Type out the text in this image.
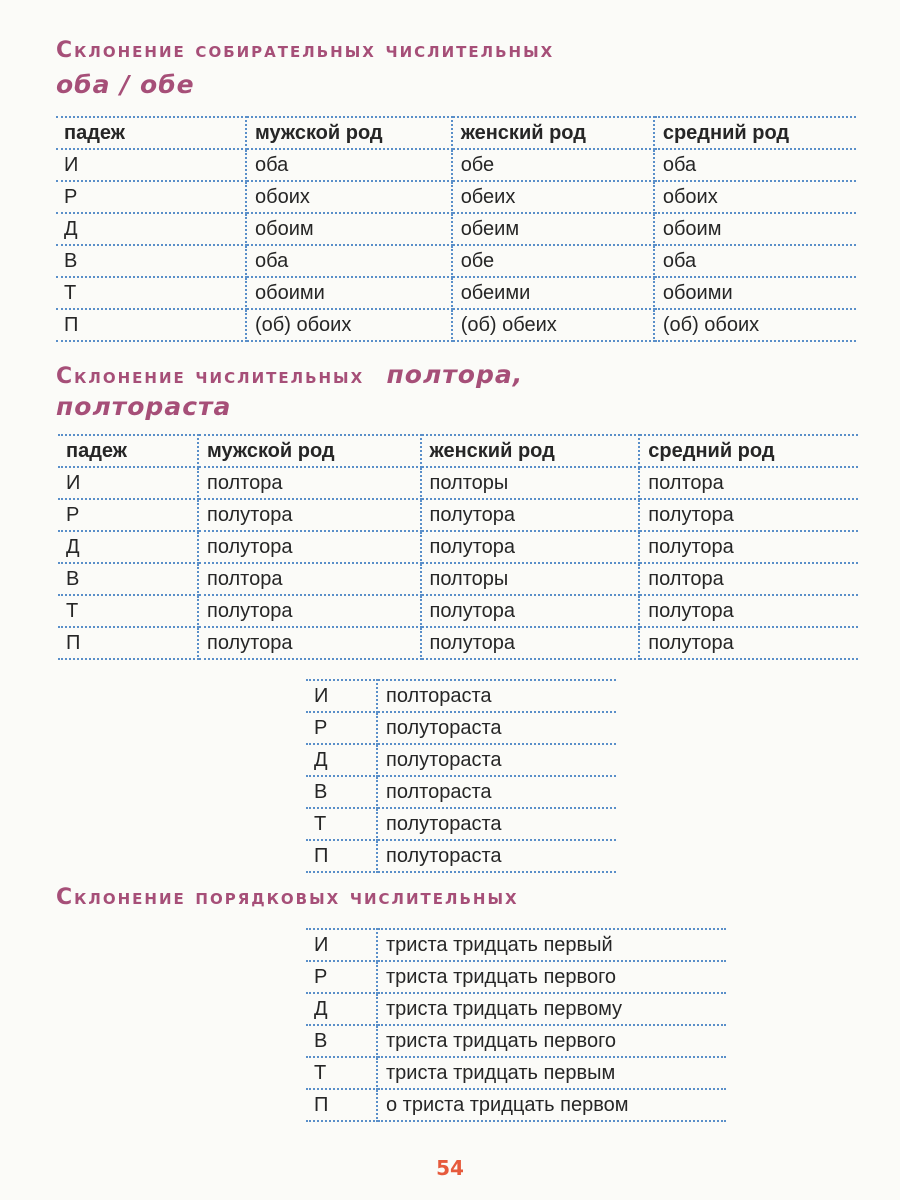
Склонение собирательных числительных
оба / обе
падеж	мужской род	женский род	средний род
И	оба	обе	оба
Р	обоих	обеих	обоих
Д	обоим	обеим	обоим
В	оба	обе	оба
Т	обоими	обеими	обоими
П	(об) обоих	(об) обеих	(об) обоих
Склонение числительных полтора,
полтораста
падеж	мужской род	женский род	средний род
И	полтора	полторы	полтора
Р	полутора	полутора	полутора
Д	полутора	полутора	полутора
В	полтора	полторы	полтора
Т	полутора	полутора	полутора
П	полутора	полутора	полутора
И	полтораста
Р	полутораста
Д	полутораста
В	полтораста
Т	полутораста
П	полутораста
Склонение порядковых числительных
И	триста тридцать первый
Р	триста тридцать первого
Д	триста тридцать первому
В	триста тридцать первого
Т	триста тридцать первым
П	о триста тридцать первом
54
